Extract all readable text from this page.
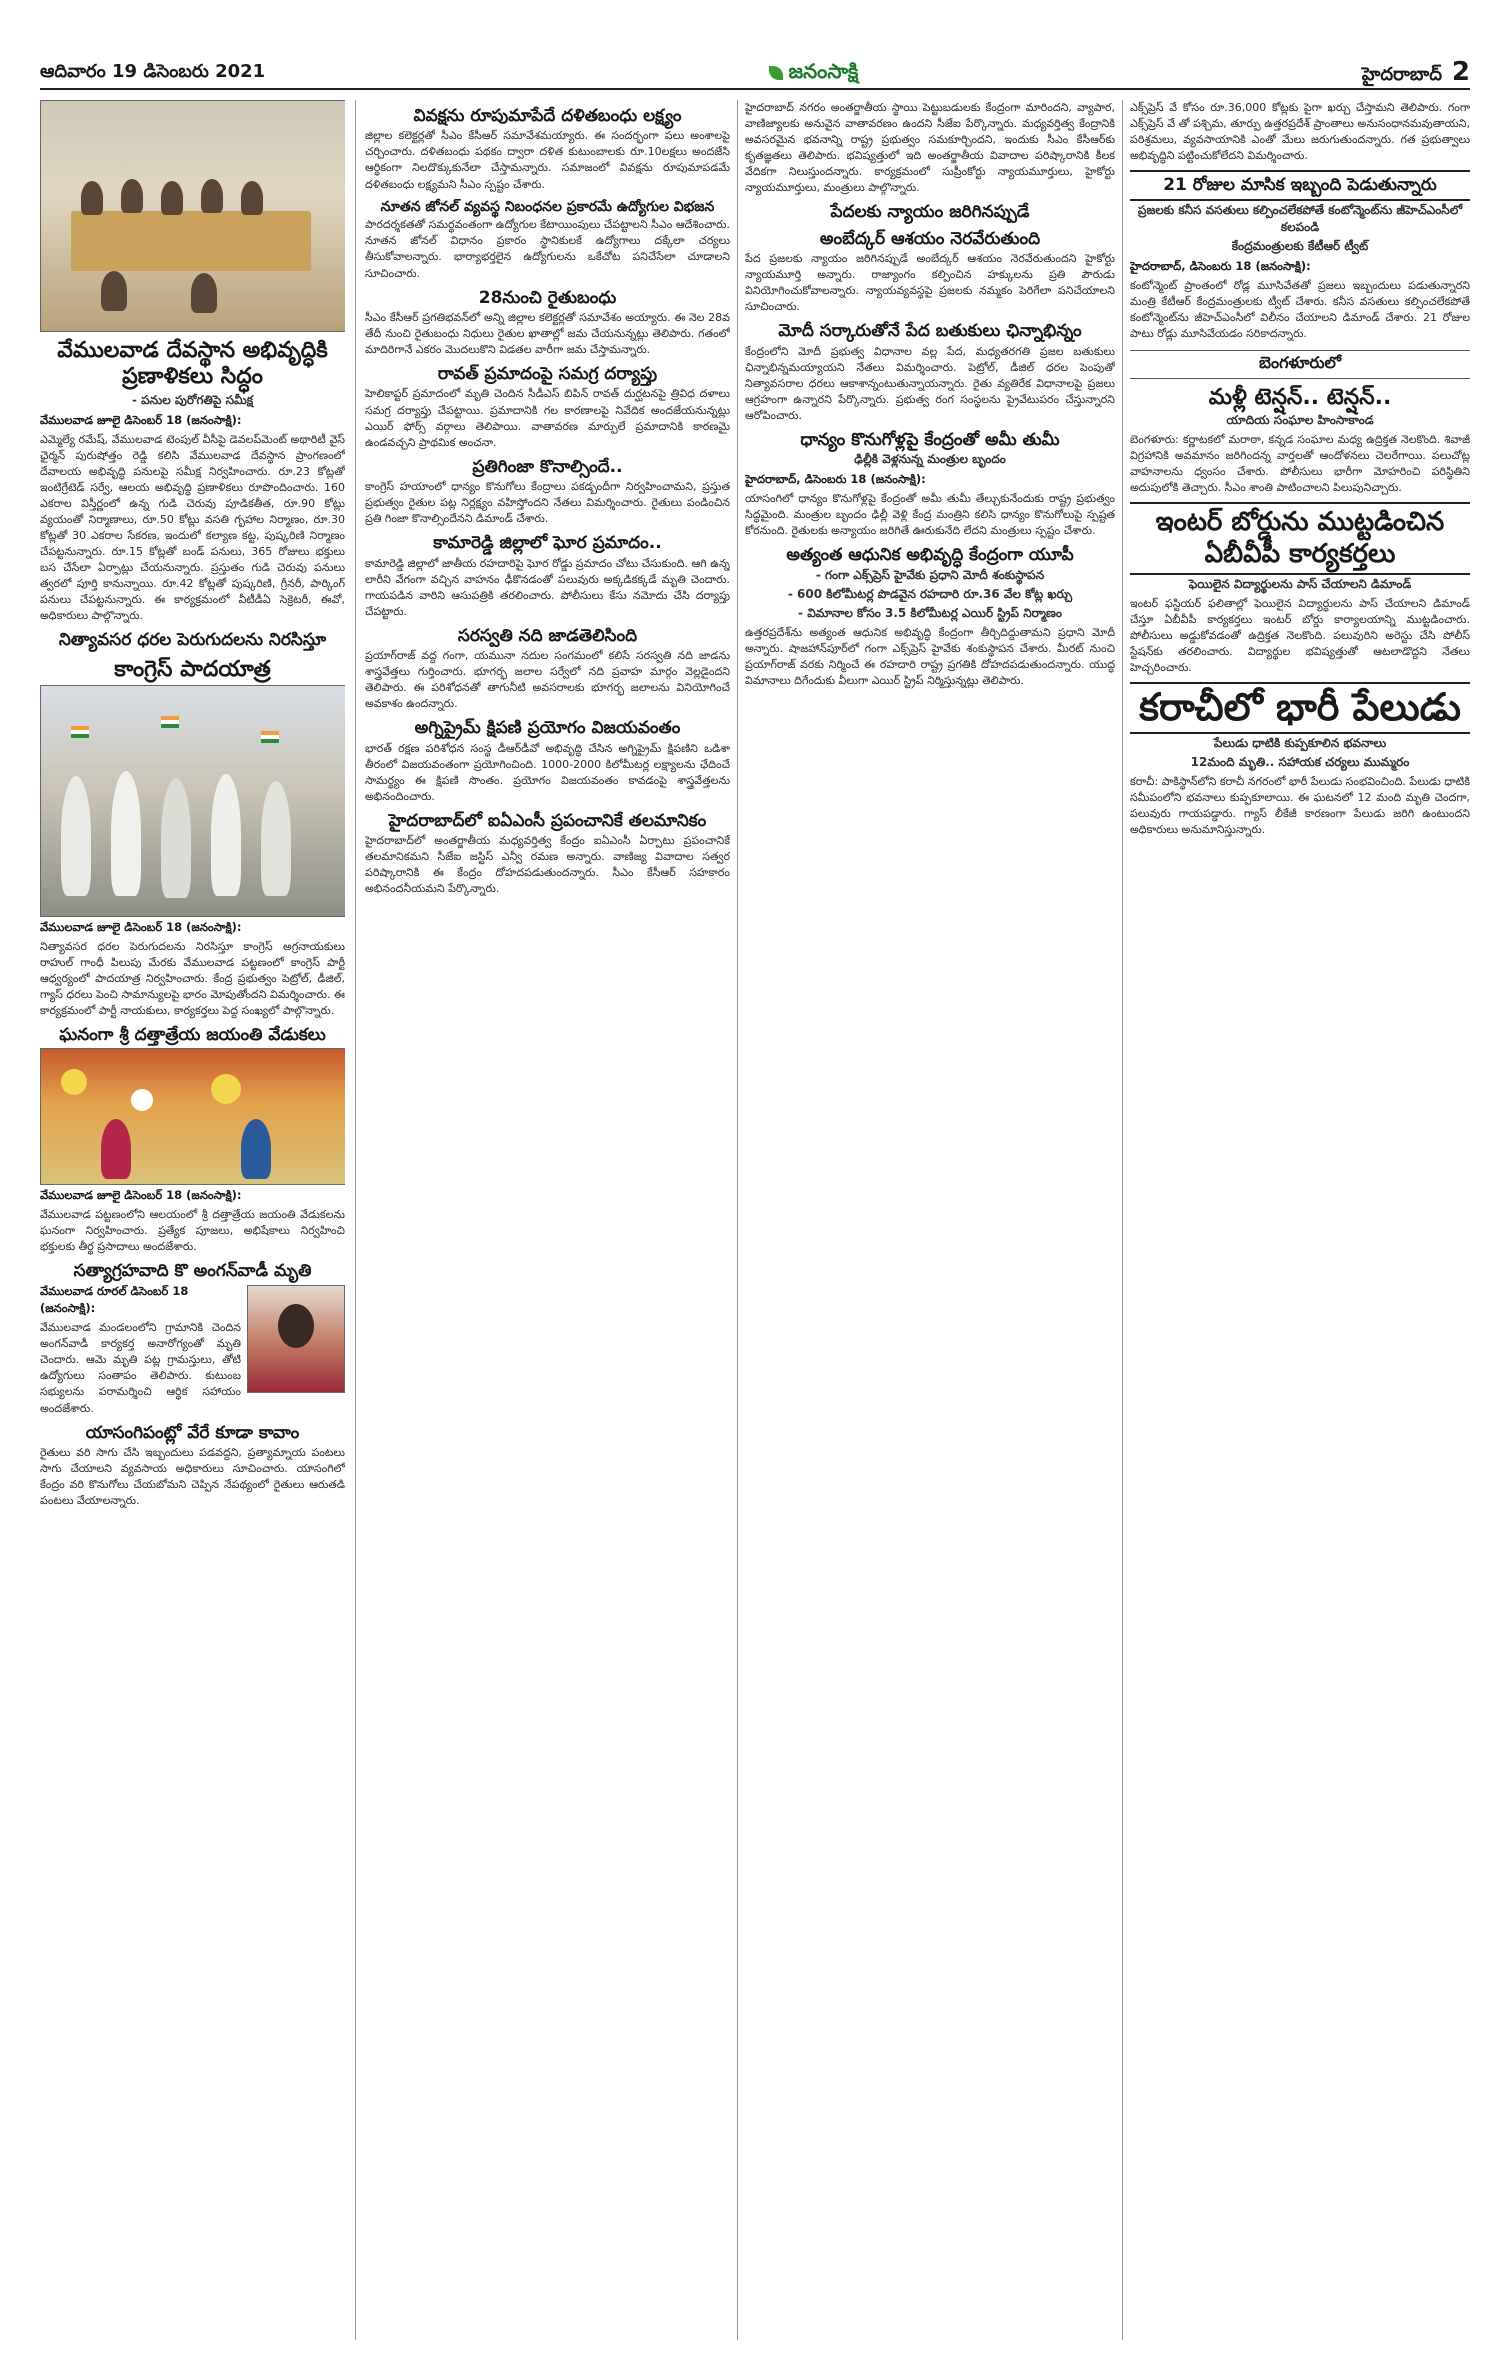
ఆదివారం 19 డిసెంబరు 2021	జనంసాక్షి	హైదరాబాద్ 2
వేములవాడ దేవస్థాన అభివృద్ధికి ప్రణాళికలు సిద్ధం
- పనుల పురోగతిపై సమీక్ష
వేములవాడ జూలై డిసెంబర్ 18 (జనంసాక్షి):

ఎమ్మెల్యే రమేష్, వేములవాడ టెంపుల్ వీసీపై డెవలప్‌మెంట్ అథారిటీ వైస్ ఛైర్మన్ పురుషోత్తం రెడ్డి కలిసి వేములవాడ దేవస్థాన ప్రాంగణంలో దేవాలయ అభివృద్ధి పనులపై సమీక్ష నిర్వహించారు. రూ.23 కోట్లతో ఇంటిగ్రేటెడ్ సర్వే, ఆలయ అభివృద్ధి ప్రణాళికలు రూపొందించారు. 160 ఎకరాల విస్తీర్ణంలో ఉన్న గుడి చెరువు పూడికతీత, రూ.90 కోట్లు వ్యయంతో నిర్మాణాలు, రూ.50 కోట్లు వసతి గృహాల నిర్మాణం, రూ.30 కోట్లతో 30 ఎకరాల సేకరణ, ఇందులో కల్యాణ కట్ట, పుష్కరిణి నిర్మాణం చేపట్టనున్నారు. రూ.15 కోట్లతో బండ్ పనులు, 365 రోజులు భక్తులు బస చేసేలా ఏర్పాట్లు చేయనున్నారు. ప్రస్తుతం గుడి చెరువు పనులు త్వరలో పూర్తి కానున్నాయి. రూ.42 కోట్లతో పుష్కరిణి, గ్రీనరీ, పార్కింగ్ పనులు చేపట్టనున్నారు. ఈ కార్యక్రమంలో వీటీడీఏ సెక్రెటరీ, ఈవో, అధికారులు పాల్గొన్నారు.

నిత్యావసర ధరల పెరుగుదలను నిరసిస్తూ
కాంగ్రెస్ పాదయాత్ర
వేములవాడ జూలై డిసెంబర్ 18 (జనంసాక్షి):

నిత్యావసర ధరల పెరుగుదలను నిరసిస్తూ కాంగ్రెస్ అగ్రనాయకులు రాహుల్ గాంధీ పిలుపు మేరకు వేములవాడ పట్టణంలో కాంగ్రెస్ పార్టీ ఆధ్వర్యంలో పాదయాత్ర నిర్వహించారు. కేంద్ర ప్రభుత్వం పెట్రోల్, డీజిల్, గ్యాస్ ధరలు పెంచి సామాన్యులపై భారం మోపుతోందని విమర్శించారు. ఈ కార్యక్రమంలో పార్టీ నాయకులు, కార్యకర్తలు పెద్ద సంఖ్యలో పాల్గొన్నారు.

ఘనంగా శ్రీ దత్తాత్రేయ జయంతి వేడుకలు
వేములవాడ జూలై డిసెంబర్ 18 (జనంసాక్షి):

వేములవాడ పట్టణంలోని ఆలయంలో శ్రీ దత్తాత్రేయ జయంతి వేడుకలను ఘనంగా నిర్వహించారు. ప్రత్యేక పూజలు, అభిషేకాలు నిర్వహించి భక్తులకు తీర్థ ప్రసాదాలు అందజేశారు.

సత్యాగ్రహవాది కొ అంగన్‌వాడీ మృతి
వేములవాడ రూరల్ డిసెంబర్ 18 (జనంసాక్షి):

వేములవాడ మండలంలోని గ్రామానికి చెందిన అంగన్‌వాడీ కార్యకర్త అనారోగ్యంతో మృతి చెందారు. ఆమె మృతి పట్ల గ్రామస్తులు, తోటి ఉద్యోగులు సంతాపం తెలిపారు. కుటుంబ సభ్యులను పరామర్శించి ఆర్థిక సహాయం అందజేశారు.

యాసంగిపంట్లో వేరే కూడా కావాం

రైతులు వరి సాగు చేసి ఇబ్బందులు పడవద్దని, ప్రత్యామ్నాయ పంటలు సాగు చేయాలని వ్యవసాయ అధికారులు సూచించారు. యాసంగిలో కేంద్రం వరి కొనుగోలు చేయబోమని చెప్పిన నేపథ్యంలో రైతులు ఆరుతడి పంటలు వేయాలన్నారు.

వివక్షను రూపుమాపేదే దళితబంధు లక్ష్యం

జిల్లాల కలెక్టర్లతో సీఎం కేసీఆర్ సమావేశమయ్యారు. ఈ సందర్భంగా పలు అంశాలపై చర్చించారు. దళితబంధు పథకం ద్వారా దళిత కుటుంబాలకు రూ.10లక్షలు అందజేసి ఆర్థికంగా నిలదొక్కుకునేలా చేస్తామన్నారు. సమాజంలో వివక్షను రూపుమాపడమే దళితబంధు లక్ష్యమని సీఎం స్పష్టం చేశారు.

నూతన జోనల్ వ్యవస్థ నిబంధనల ప్రకారమే ఉద్యోగుల విభజన

పారదర్శకతతో సమర్థవంతంగా ఉద్యోగుల కేటాయింపులు చేపట్టాలని సీఎం ఆదేశించారు. నూతన జోనల్ విధానం ప్రకారం స్థానికులకే ఉద్యోగాలు దక్కేలా చర్యలు తీసుకోవాలన్నారు. భార్యాభర్తలైన ఉద్యోగులను ఒకేచోట పనిచేసేలా చూడాలని సూచించారు.

28నుంచి రైతుబంధు

సీఎం కేసీఆర్ ప్రగతిభవన్‌లో అన్ని జిల్లాల కలెక్టర్లతో సమావేశం అయ్యారు. ఈ నెల 28వ తేదీ నుంచి రైతుబంధు నిధులు రైతుల ఖాతాల్లో జమ చేయనున్నట్లు తెలిపారు. గతంలో మాదిరిగానే ఎకరం మొదలుకొని విడతల వారీగా జమ చేస్తామన్నారు.

రావత్ ప్రమాదంపై సమగ్ర దర్యాప్తు

హెలికాప్టర్ ప్రమాదంలో మృతి చెందిన సీడీఎస్ బిపిన్ రావత్ దుర్ఘటనపై త్రివిధ దళాలు సమగ్ర దర్యాప్తు చేపట్టాయి. ప్రమాదానికి గల కారణాలపై నివేదిక అందజేయనున్నట్లు ఎయిర్ ఫోర్స్ వర్గాలు తెలిపాయి. వాతావరణ మార్పులే ప్రమాదానికి కారణమై ఉండవచ్చని ప్రాథమిక అంచనా.

ప్రతిగింజా కొనాల్సిందే..

కాంగ్రెస్ హయాంలో ధాన్యం కొనుగోలు కేంద్రాలు పకడ్బందీగా నిర్వహించామని, ప్రస్తుత ప్రభుత్వం రైతుల పట్ల నిర్లక్ష్యం వహిస్తోందని నేతలు విమర్శించారు. రైతులు పండించిన ప్రతి గింజా కొనాల్సిందేనని డిమాండ్ చేశారు.

కామారెడ్డి జిల్లాలో ఘోర ప్రమాదం..

కామారెడ్డి జిల్లాలో జాతీయ రహదారిపై ఘోర రోడ్డు ప్రమాదం చోటు చేసుకుంది. ఆగి ఉన్న లారీని వేగంగా వచ్చిన వాహనం ఢీకొనడంతో పలువురు అక్కడికక్కడే మృతి చెందారు. గాయపడిన వారిని ఆసుపత్రికి తరలించారు. పోలీసులు కేసు నమోదు చేసి దర్యాప్తు చేపట్టారు.

సరస్వతి నది జాడతెలిసింది

ప్రయాగ్‌రాజ్ వద్ద గంగా, యమునా నదుల సంగమంలో కలిసే సరస్వతి నది జాడను శాస్త్రవేత్తలు గుర్తించారు. భూగర్భ జలాల సర్వేలో నది ప్రవాహ మార్గం వెల్లడైందని తెలిపారు. ఈ పరిశోధనతో తాగునీటి అవసరాలకు భూగర్భ జలాలను వినియోగించే అవకాశం ఉందన్నారు.

అగ్నిప్రైమ్ క్షిపణి ప్రయోగం విజయవంతం

భారత్ రక్షణ పరిశోధన సంస్థ డీఆర్‌డీవో అభివృద్ధి చేసిన అగ్నిప్రైమ్ క్షిపణిని ఒడిశా తీరంలో విజయవంతంగా ప్రయోగించింది. 1000-2000 కిలోమీటర్ల లక్ష్యాలను ఛేదించే సామర్థ్యం ఈ క్షిపణి సొంతం. ప్రయోగం విజయవంతం కావడంపై శాస్త్రవేత్తలను అభినందించారు.

హైదరాబాద్‌లో ఐఏఎంసీ ప్రపంచానికే తలమానికం

హైదరాబాద్‌లో అంతర్జాతీయ మధ్యవర్తిత్వ కేంద్రం ఐఏఎంసీ ఏర్పాటు ప్రపంచానికే తలమానికమని సీజేఐ జస్టిస్ ఎన్వీ రమణ అన్నారు. వాణిజ్య వివాదాల సత్వర పరిష్కారానికి ఈ కేంద్రం దోహదపడుతుందన్నారు. సీఎం కేసీఆర్ సహకారం అభినందనీయమని పేర్కొన్నారు.

హైదరాబాద్ నగరం అంతర్జాతీయ స్థాయి పెట్టుబడులకు కేంద్రంగా మారిందని, వ్యాపార, వాణిజ్యాలకు అనువైన వాతావరణం ఉందని సీజేఐ పేర్కొన్నారు. మధ్యవర్తిత్వ కేంద్రానికి అవసరమైన భవనాన్ని రాష్ట్ర ప్రభుత్వం సమకూర్చిందని, ఇందుకు సీఎం కేసీఆర్‌కు కృతజ్ఞతలు తెలిపారు. భవిష్యత్తులో ఇది అంతర్జాతీయ వివాదాల పరిష్కారానికి కీలక వేదికగా నిలుస్తుందన్నారు. కార్యక్రమంలో సుప్రీంకోర్టు న్యాయమూర్తులు, హైకోర్టు న్యాయమూర్తులు, మంత్రులు పాల్గొన్నారు.

పేదలకు న్యాయం జరిగినప్పుడే
అంబేద్కర్ ఆశయం నెరవేరుతుంది

పేద ప్రజలకు న్యాయం జరిగినప్పుడే అంబేద్కర్ ఆశయం నెరవేరుతుందని హైకోర్టు న్యాయమూర్తి అన్నారు. రాజ్యాంగం కల్పించిన హక్కులను ప్రతి పౌరుడు వినియోగించుకోవాలన్నారు. న్యాయవ్యవస్థపై ప్రజలకు నమ్మకం పెరిగేలా పనిచేయాలని సూచించారు.

మోదీ సర్కారుతోనే పేద బతుకులు ఛిన్నాభిన్నం

కేంద్రంలోని మోదీ ప్రభుత్వ విధానాల వల్ల పేద, మధ్యతరగతి ప్రజల బతుకులు ఛిన్నాభిన్నమయ్యాయని నేతలు విమర్శించారు. పెట్రోల్, డీజిల్ ధరల పెంపుతో నిత్యావసరాల ధరలు ఆకాశాన్నంటుతున్నాయన్నారు. రైతు వ్యతిరేక విధానాలపై ప్రజలు ఆగ్రహంగా ఉన్నారని పేర్కొన్నారు. ప్రభుత్వ రంగ సంస్థలను ప్రైవేటుపరం చేస్తున్నారని ఆరోపించారు.

ధాన్యం కొనుగోళ్లపై కేంద్రంతో అమీ తుమీ
ఢిల్లీకి వెళ్లనున్న మంత్రుల బృందం
హైదరాబాద్, డిసెంబరు 18 (జనంసాక్షి):

యాసంగిలో ధాన్యం కొనుగోళ్లపై కేంద్రంతో అమీ తుమీ తేల్చుకునేందుకు రాష్ట్ర ప్రభుత్వం సిద్ధమైంది. మంత్రుల బృందం ఢిల్లీ వెళ్లి కేంద్ర మంత్రిని కలిసి ధాన్యం కొనుగోలుపై స్పష్టత కోరనుంది. రైతులకు అన్యాయం జరిగితే ఊరుకునేది లేదని మంత్రులు స్పష్టం చేశారు.

అత్యంత ఆధునిక అభివృద్ధి కేంద్రంగా యూపీ
- గంగా ఎక్స్‌ప్రెస్ హైవేకు ప్రధాని మోదీ శంకుస్థాపన
- 600 కిలోమీటర్ల పొడవైన రహదారి రూ.36 వేల కోట్ల ఖర్చు
- విమానాల కోసం 3.5 కిలోమీటర్ల ఎయిర్ స్ట్రిప్ నిర్మాణం

ఉత్తరప్రదేశ్‌ను అత్యంత ఆధునిక అభివృద్ధి కేంద్రంగా తీర్చిదిద్దుతామని ప్రధాని మోదీ అన్నారు. షాజహాన్‌పూర్‌లో గంగా ఎక్స్‌ప్రెస్ హైవేకు శంకుస్థాపన చేశారు. మీరట్ నుంచి ప్రయాగ్‌రాజ్ వరకు నిర్మించే ఈ రహదారి రాష్ట్ర ప్రగతికి దోహదపడుతుందన్నారు. యుద్ధ విమానాలు దిగేందుకు వీలుగా ఎయిర్ స్ట్రిప్ నిర్మిస్తున్నట్లు తెలిపారు.

ఎక్స్‌ప్రెస్ వే కోసం రూ.36,000 కోట్లకు పైగా ఖర్చు చేస్తామని తెలిపారు. గంగా ఎక్స్‌ప్రెస్ వే తో పశ్చిమ, తూర్పు ఉత్తరప్రదేశ్ ప్రాంతాలు అనుసంధానమవుతాయని, పరిశ్రమలు, వ్యవసాయానికి ఎంతో మేలు జరుగుతుందన్నారు. గత ప్రభుత్వాలు అభివృద్ధిని పట్టించుకోలేదని విమర్శించారు.

21 రోజుల మాసిక ఇబ్బంది పెడుతున్నారు
ప్రజలకు కనీస వసతులు కల్పించలేకపోతే కంటోన్మెంట్‌ను జీహెచ్‌ఎంసీలో కలపండి
కేంద్రమంత్రులకు కేటీఆర్ ట్వీట్
హైదరాబాద్, డిసెంబరు 18 (జనంసాక్షి):

కంటోన్మెంట్ ప్రాంతంలో రోడ్ల మూసివేతతో ప్రజలు ఇబ్బందులు పడుతున్నారని మంత్రి కేటీఆర్ కేంద్రమంత్రులకు ట్వీట్ చేశారు. కనీస వసతులు కల్పించలేకపోతే కంటోన్మెంట్‌ను జీహెచ్‌ఎంసీలో విలీనం చేయాలని డిమాండ్ చేశారు. 21 రోజుల పాటు రోడ్లు మూసివేయడం సరికాదన్నారు.

బెంగళూరులో
మళ్లీ టెన్షన్.. టెన్షన్..
యాదియ సంఘాల హింసాకాండ

బెంగళూరు: కర్ణాటకలో మరాఠా, కన్నడ సంఘాల మధ్య ఉద్రిక్తత నెలకొంది. శివాజీ విగ్రహానికి అవమానం జరిగిందన్న వార్తలతో ఆందోళనలు చెలరేగాయి. పలుచోట్ల వాహనాలను ధ్వంసం చేశారు. పోలీసులు భారీగా మోహరించి పరిస్థితిని అదుపులోకి తెచ్చారు. సీఎం శాంతి పాటించాలని పిలుపునిచ్చారు.

ఇంటర్ బోర్డును ముట్టడించిన ఏబీవీపీ కార్యకర్తలు
ఫెయిలైన విద్యార్థులను పాస్ చేయాలని డిమాండ్

ఇంటర్ ఫస్టియర్ ఫలితాల్లో ఫెయిలైన విద్యార్థులను పాస్ చేయాలని డిమాండ్ చేస్తూ ఏబీవీపీ కార్యకర్తలు ఇంటర్ బోర్డు కార్యాలయాన్ని ముట్టడించారు. పోలీసులు అడ్డుకోవడంతో ఉద్రిక్తత నెలకొంది. పలువురిని అరెస్టు చేసి పోలీస్ స్టేషన్‌కు తరలించారు. విద్యార్థుల భవిష్యత్తుతో ఆటలాడొద్దని నేతలు హెచ్చరించారు.

కరాచీలో భారీ పేలుడు
పేలుడు ధాటికి కుప్పకూలిన భవనాలు
12మంది మృతి.. సహాయక చర్యలు ముమ్మరం

కరాచీ: పాకిస్థాన్‌లోని కరాచీ నగరంలో భారీ పేలుడు సంభవించింది. పేలుడు ధాటికి సమీపంలోని భవనాలు కుప్పకూలాయి. ఈ ఘటనలో 12 మంది మృతి చెందగా, పలువురు గాయపడ్డారు. గ్యాస్ లీకేజీ కారణంగా పేలుడు జరిగి ఉంటుందని అధికారులు అనుమానిస్తున్నారు.
